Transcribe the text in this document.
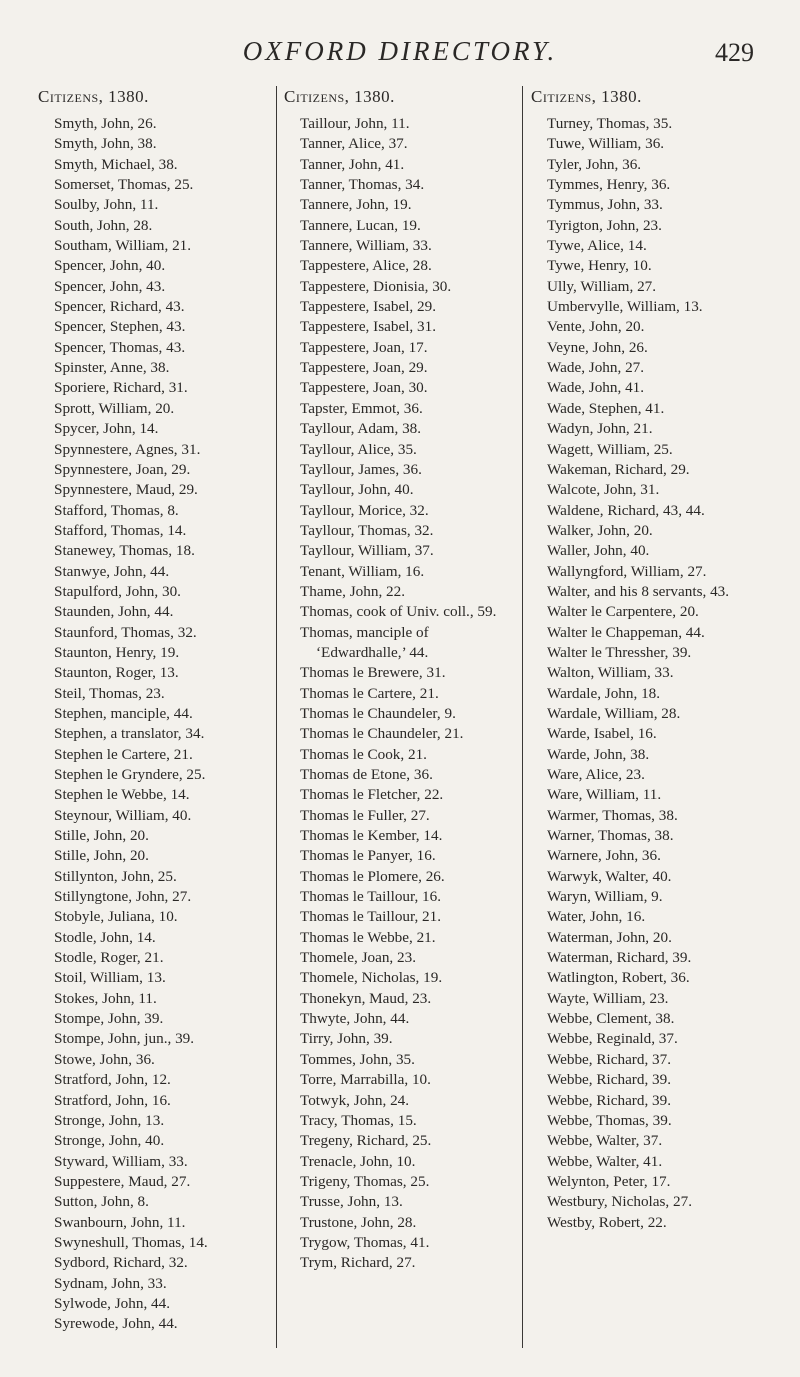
OXFORD DIRECTORY.	429
Citizens, 1380.
Smyth, John, 26.
Smyth, John, 38.
Smyth, Michael, 38.
Somerset, Thomas, 25.
Soulby, John, 11.
South, John, 28.
Southam, William, 21.
Spencer, John, 40.
Spencer, John, 43.
Spencer, Richard, 43.
Spencer, Stephen, 43.
Spencer, Thomas, 43.
Spinster, Anne, 38.
Sporiere, Richard, 31.
Sprott, William, 20.
Spycer, John, 14.
Spynnestere, Agnes, 31.
Spynnestere, Joan, 29.
Spynnestere, Maud, 29.
Stafford, Thomas, 8.
Stafford, Thomas, 14.
Stanewey, Thomas, 18.
Stanwye, John, 44.
Stapulford, John, 30.
Staunden, John, 44.
Staunford, Thomas, 32.
Staunton, Henry, 19.
Staunton, Roger, 13.
Steil, Thomas, 23.
Stephen, manciple, 44.
Stephen, a translator, 34.
Stephen le Cartere, 21.
Stephen le Gryndere, 25.
Stephen le Webbe, 14.
Steynour, William, 40.
Stille, John, 20.
Stille, John, 20.
Stillynton, John, 25.
Stillyngtone, John, 27.
Stobyle, Juliana, 10.
Stodle, John, 14.
Stodle, Roger, 21.
Stoil, William, 13.
Stokes, John, 11.
Stompe, John, 39.
Stompe, John, jun., 39.
Stowe, John, 36.
Stratford, John, 12.
Stratford, John, 16.
Stronge, John, 13.
Stronge, John, 40.
Styward, William, 33.
Suppestere, Maud, 27.
Sutton, John, 8.
Swanbourn, John, 11.
Swyneshull, Thomas, 14.
Sydbord, Richard, 32.
Sydnam, John, 33.
Sylwode, John, 44.
Syrewode, John, 44.
Citizens, 1380.
Taillour, John, 11.
Tanner, Alice, 37.
Tanner, John, 41.
Tanner, Thomas, 34.
Tannere, John, 19.
Tannere, Lucan, 19.
Tannere, William, 33.
Tappestere, Alice, 28.
Tappestere, Dionisia, 30.
Tappestere, Isabel, 29.
Tappestere, Isabel, 31.
Tappestere, Joan, 17.
Tappestere, Joan, 29.
Tappestere, Joan, 30.
Tapster, Emmot, 36.
Tayllour, Adam, 38.
Tayllour, Alice, 35.
Tayllour, James, 36.
Tayllour, John, 40.
Tayllour, Morice, 32.
Tayllour, Thomas, 32.
Tayllour, William, 37.
Tenant, William, 16.
Thame, John, 22.
Thomas, cook of Univ. coll., 59.
Thomas, manciple of ‘Edwardhalle,’ 44.
Thomas le Brewere, 31.
Thomas le Cartere, 21.
Thomas le Chaundeler, 9.
Thomas le Chaundeler, 21.
Thomas le Cook, 21.
Thomas de Etone, 36.
Thomas le Fletcher, 22.
Thomas le Fuller, 27.
Thomas le Kember, 14.
Thomas le Panyer, 16.
Thomas le Plomere, 26.
Thomas le Taillour, 16.
Thomas le Taillour, 21.
Thomas le Webbe, 21.
Thomele, Joan, 23.
Thomele, Nicholas, 19.
Thonekyn, Maud, 23.
Thwyte, John, 44.
Tirry, John, 39.
Tommes, John, 35.
Torre, Marrabilla, 10.
Totwyk, John, 24.
Tracy, Thomas, 15.
Tregeny, Richard, 25.
Trenacle, John, 10.
Trigeny, Thomas, 25.
Trusse, John, 13.
Trustone, John, 28.
Trygow, Thomas, 41.
Trym, Richard, 27.
Citizens, 1380.
Turney, Thomas, 35.
Tuwe, William, 36.
Tyler, John, 36.
Tymmes, Henry, 36.
Tymmus, John, 33.
Tyrigton, John, 23.
Tywe, Alice, 14.
Tywe, Henry, 10.
Ully, William, 27.
Umbervylle, William, 13.
Vente, John, 20.
Veyne, John, 26.
Wade, John, 27.
Wade, John, 41.
Wade, Stephen, 41.
Wadyn, John, 21.
Wagett, William, 25.
Wakeman, Richard, 29.
Walcote, John, 31.
Waldene, Richard, 43, 44.
Walker, John, 20.
Waller, John, 40.
Wallyngford, William, 27.
Walter, and his 8 servants, 43.
Walter le Carpentere, 20.
Walter le Chappeman, 44.
Walter le Thressher, 39.
Walton, William, 33.
Wardale, John, 18.
Wardale, William, 28.
Warde, Isabel, 16.
Warde, John, 38.
Ware, Alice, 23.
Ware, William, 11.
Warmer, Thomas, 38.
Warner, Thomas, 38.
Warnere, John, 36.
Warwyk, Walter, 40.
Waryn, William, 9.
Water, John, 16.
Waterman, John, 20.
Waterman, Richard, 39.
Watlington, Robert, 36.
Wayte, William, 23.
Webbe, Clement, 38.
Webbe, Reginald, 37.
Webbe, Richard, 37.
Webbe, Richard, 39.
Webbe, Richard, 39.
Webbe, Thomas, 39.
Webbe, Walter, 37.
Webbe, Walter, 41.
Welynton, Peter, 17.
Westbury, Nicholas, 27.
Westby, Robert, 22.
